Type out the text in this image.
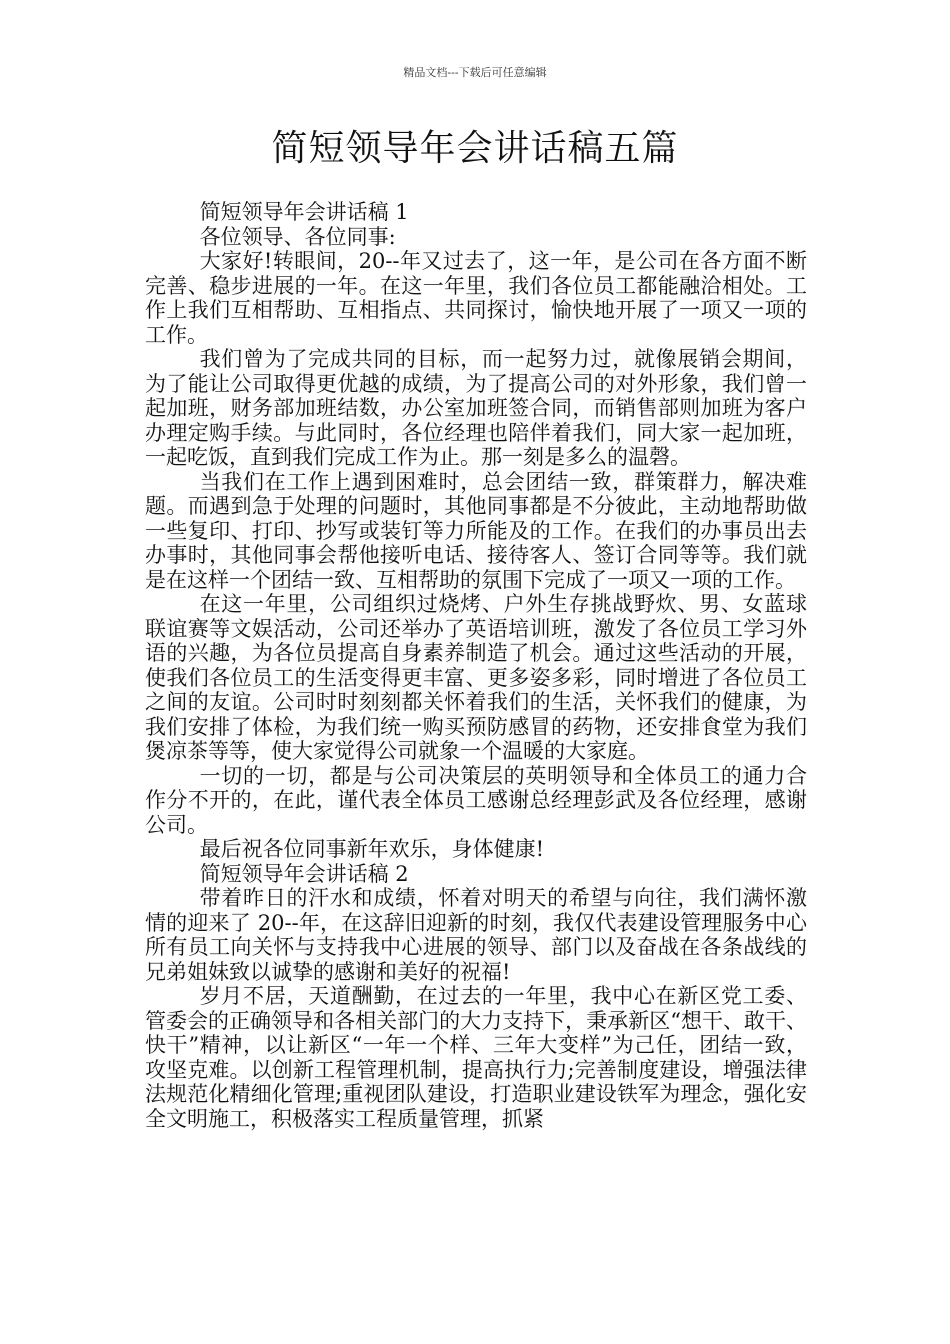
精品文档---下载后可任意编辑
简短领导年会讲话稿五篇

简短领导年会讲话稿 1

各位领导、各位同事:

大家好!转眼间，20--年又过去了，这一年，是公司在各方面不断完善、稳步进展的一年。在这一年里，我们各位员工都能融洽相处。工作上我们互相帮助、互相指点、共同探讨，愉快地开展了一项又一项的工作。

我们曾为了完成共同的目标，而一起努力过，就像展销会期间，为了能让公司取得更优越的成绩，为了提高公司的对外形象，我们曾一起加班，财务部加班结数，办公室加班签合同，而销售部则加班为客户办理定购手续。与此同时，各位经理也陪伴着我们，同大家一起加班，一起吃饭，直到我们完成工作为止。那一刻是多么的温磬。

当我们在工作上遇到困难时，总会团结一致，群策群力，解决难题。而遇到急于处理的问题时，其他同事都是不分彼此，主动地帮助做一些复印、打印、抄写或装钉等力所能及的工作。在我们的办事员出去办事时，其他同事会帮他接听电话、接待客人、签订合同等等。我们就是在这样一个团结一致、互相帮助的氛围下完成了一项又一项的工作。

在这一年里，公司组织过烧烤、户外生存挑战野炊、男、女蓝球联谊赛等文娱活动，公司还举办了英语培训班，激发了各位员工学习外语的兴趣，为各位员提高自身素养制造了机会。通过这些活动的开展，使我们各位员工的生活变得更丰富、更多姿多彩，同时增进了各位员工之间的友谊。公司时时刻刻都关怀着我们的生活，关怀我们的健康，为我们安排了体检，为我们统一购买预防感冒的药物，还安排食堂为我们煲凉茶等等，使大家觉得公司就象一个温暖的大家庭。

一切的一切，都是与公司决策层的英明领导和全体员工的通力合作分不开的，在此，谨代表全体员工感谢总经理彭武及各位经理，感谢公司。

最后祝各位同事新年欢乐，身体健康!

简短领导年会讲话稿 2

带着昨日的汗水和成绩，怀着对明天的希望与向往，我们满怀激情的迎来了 20--年，在这辞旧迎新的时刻，我仅代表建设管理服务中心所有员工向关怀与支持我中心进展的领导、部门以及奋战在各条战线的兄弟姐妹致以诚挚的感谢和美好的祝福!

岁月不居，天道酬勤，在过去的一年里，我中心在新区党工委、管委会的正确领导和各相关部门的大力支持下，秉承新区“想干、敢干、快干”精神，以让新区“一年一个样、三年大变样”为己任，团结一致，攻坚克难。以创新工程管理机制，提高执行力;完善制度建设，增强法律法规范化精细化管理;重视团队建设，打造职业建设铁军为理念，强化安全文明施工，积极落实工程质量管理，抓紧
